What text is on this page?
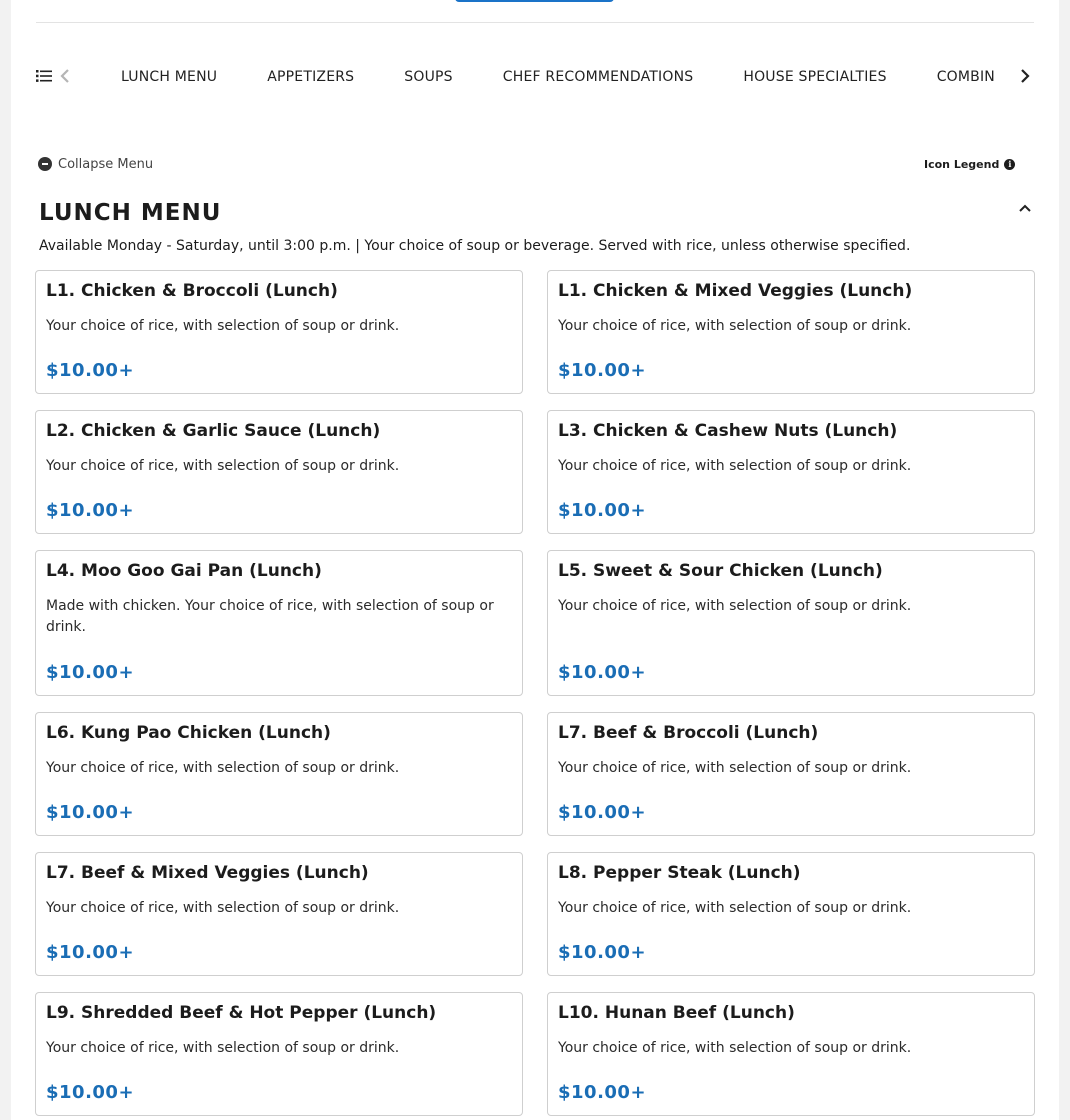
LUNCH MENU	APPETIZERS	SOUPS	CHEF RECOMMENDATIONS	HOUSE SPECIALTIES	COMBIN
Collapse Menu	Icon Legend	i
LUNCH MENU

Available Monday - Saturday, until 3:00 p.m. | Your choice of soup or beverage. Served with rice, unless otherwise specified.

L1. Chicken & Broccoli (Lunch)
Your choice of rice, with selection of soup or drink.
$10.00+
L1. Chicken & Mixed Veggies (Lunch)
Your choice of rice, with selection of soup or drink.
$10.00+
L2. Chicken & Garlic Sauce (Lunch)
Your choice of rice, with selection of soup or drink.
$10.00+
L3. Chicken & Cashew Nuts (Lunch)
Your choice of rice, with selection of soup or drink.
$10.00+
L4. Moo Goo Gai Pan (Lunch)
Made with chicken. Your choice of rice, with selection of soup or drink.
$10.00+
L5. Sweet & Sour Chicken (Lunch)
Your choice of rice, with selection of soup or drink.
$10.00+
L6. Kung Pao Chicken (Lunch)
Your choice of rice, with selection of soup or drink.
$10.00+
L7. Beef & Broccoli (Lunch)
Your choice of rice, with selection of soup or drink.
$10.00+
L7. Beef & Mixed Veggies (Lunch)
Your choice of rice, with selection of soup or drink.
$10.00+
L8. Pepper Steak (Lunch)
Your choice of rice, with selection of soup or drink.
$10.00+
L9. Shredded Beef & Hot Pepper (Lunch)
Your choice of rice, with selection of soup or drink.
$10.00+
L10. Hunan Beef (Lunch)
Your choice of rice, with selection of soup or drink.
$10.00+
